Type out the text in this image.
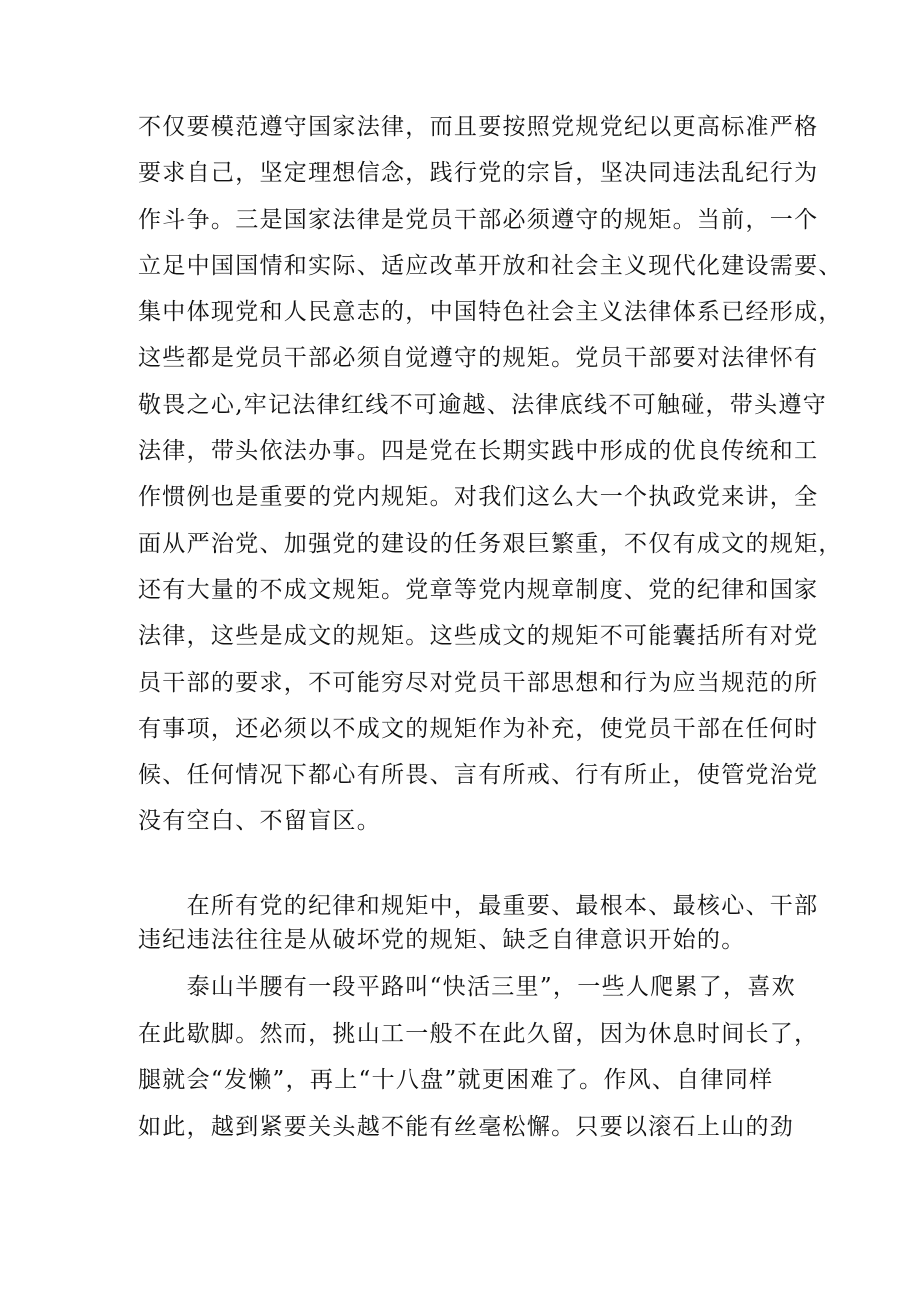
不仅要模范遵守国家法律，而且要按照党规党纪以更高标准严格
要求自己，坚定理想信念，践行党的宗旨，坚决同违法乱纪行为
作斗争。三是国家法律是党员干部必须遵守的规矩。当前，一个
立足中国国情和实际、适应改革开放和社会主义现代化建设需要、
集中体现党和人民意志的，中国特色社会主义法律体系已经形成，
这些都是党员干部必须自觉遵守的规矩。党员干部要对法律怀有
敬畏之心,牢记法律红线不可逾越、法律底线不可触碰，带头遵守
法律，带头依法办事。四是党在长期实践中形成的优良传统和工
作惯例也是重要的党内规矩。对我们这么大一个执政党来讲，全
面从严治党、加强党的建设的任务艰巨繁重，不仅有成文的规矩，
还有大量的不成文规矩。党章等党内规章制度、党的纪律和国家
法律，这些是成文的规矩。这些成文的规矩不可能囊括所有对党
员干部的要求，不可能穷尽对党员干部思想和行为应当规范的所
有事项，还必须以不成文的规矩作为补充，使党员干部在任何时
候、任何情况下都心有所畏、言有所戒、行有所止，使管党治党
没有空白、不留盲区。
　　在所有党的纪律和规矩中，最重要、最根本、最核心、干部
违纪违法往往是从破坏党的规矩、缺乏自律意识开始的。
　　泰山半腰有一段平路叫“快活三里”，一些人爬累了，喜欢
在此歇脚。然而，挑山工一般不在此久留，因为休息时间长了，
腿就会“发懒”，再上“十八盘”就更困难了。作风、自律同样
如此，越到紧要关头越不能有丝毫松懈。只要以滚石上山的劲
